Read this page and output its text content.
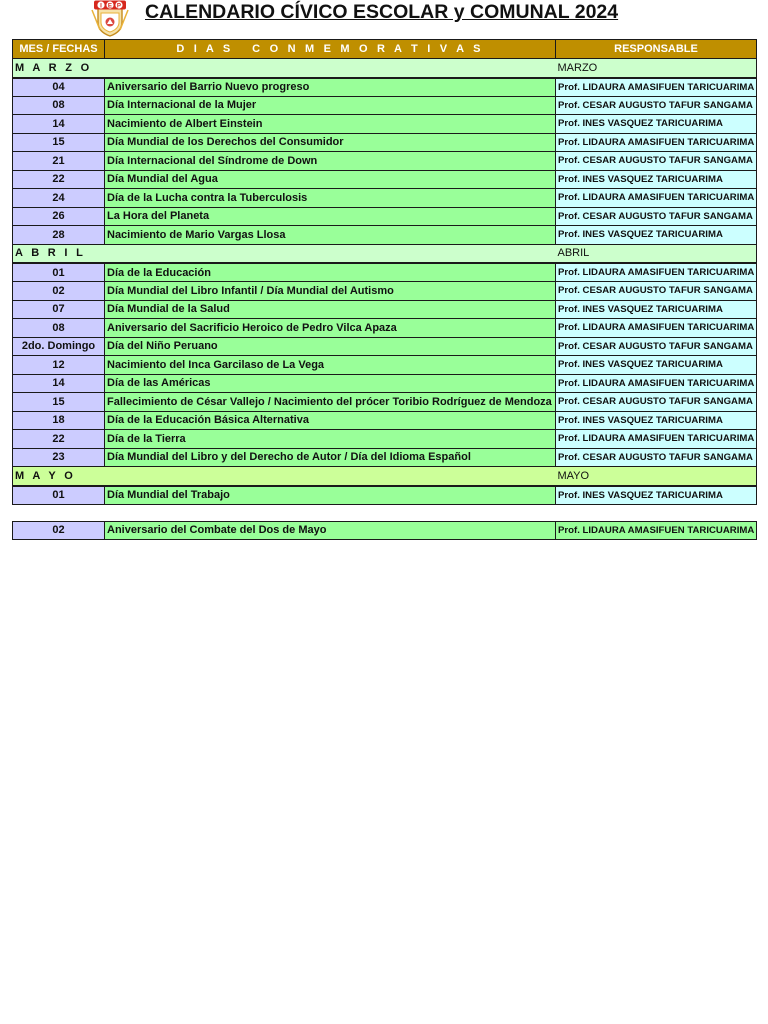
I E P CALENDARIO CÍVICO ESCOLAR y COMUNAL 2024
MES / FECHAS	D I A S   C O N M E M O R A T I V A S	RESPONSABLE
M A R Z O		MARZO
04	Aniversario del Barrio Nuevo progreso	Prof. LIDAURA AMASIFUEN TARICUARIMA
08	Día Internacional de la Mujer	Prof. CESAR AUGUSTO TAFUR SANGAMA
14	Nacimiento de Albert Einstein	Prof. INES VASQUEZ TARICUARIMA
15	Día Mundial de los Derechos del Consumidor	Prof. LIDAURA AMASIFUEN TARICUARIMA
21	Día Internacional del Síndrome de Down	Prof. CESAR AUGUSTO TAFUR SANGAMA
22	Día Mundial del Agua	Prof. INES VASQUEZ TARICUARIMA
24	Día de la Lucha contra la Tuberculosis	Prof. LIDAURA AMASIFUEN TARICUARIMA
26	La Hora del Planeta	Prof. CESAR AUGUSTO TAFUR SANGAMA
28	Nacimiento de Mario Vargas Llosa	Prof. INES VASQUEZ TARICUARIMA
A B R I L		ABRIL
01	Día de la Educación	Prof. LIDAURA AMASIFUEN TARICUARIMA
02	Día Mundial del Libro Infantil / Día Mundial del Autismo	Prof. CESAR AUGUSTO TAFUR SANGAMA
07	Día Mundial de la Salud	Prof. INES VASQUEZ TARICUARIMA
08	Aniversario del Sacrificio Heroico de Pedro Vilca Apaza	Prof. LIDAURA AMASIFUEN TARICUARIMA
2do. Domingo	Día del Niño Peruano	Prof. CESAR AUGUSTO TAFUR SANGAMA
12	Nacimiento del Inca Garcilaso de La Vega	Prof. INES VASQUEZ TARICUARIMA
14	Día de las Américas	Prof. LIDAURA AMASIFUEN TARICUARIMA
15	Fallecimiento de César Vallejo / Nacimiento del prócer Toribio Rodríguez de Mendoza	Prof. CESAR AUGUSTO TAFUR SANGAMA
18	Día de la Educación Básica Alternativa	Prof. INES VASQUEZ TARICUARIMA
22	Día de la Tierra	Prof. LIDAURA AMASIFUEN TARICUARIMA
23	Día Mundial del Libro y del Derecho de Autor / Día del Idioma Español	Prof. CESAR AUGUSTO TAFUR SANGAMA
M A Y O		MAYO
01	Día Mundial del Trabajo	Prof. INES VASQUEZ TARICUARIMA

02	Aniversario del Combate del Dos de Mayo	Prof. LIDAURA AMASIFUEN TARICUARIMA
